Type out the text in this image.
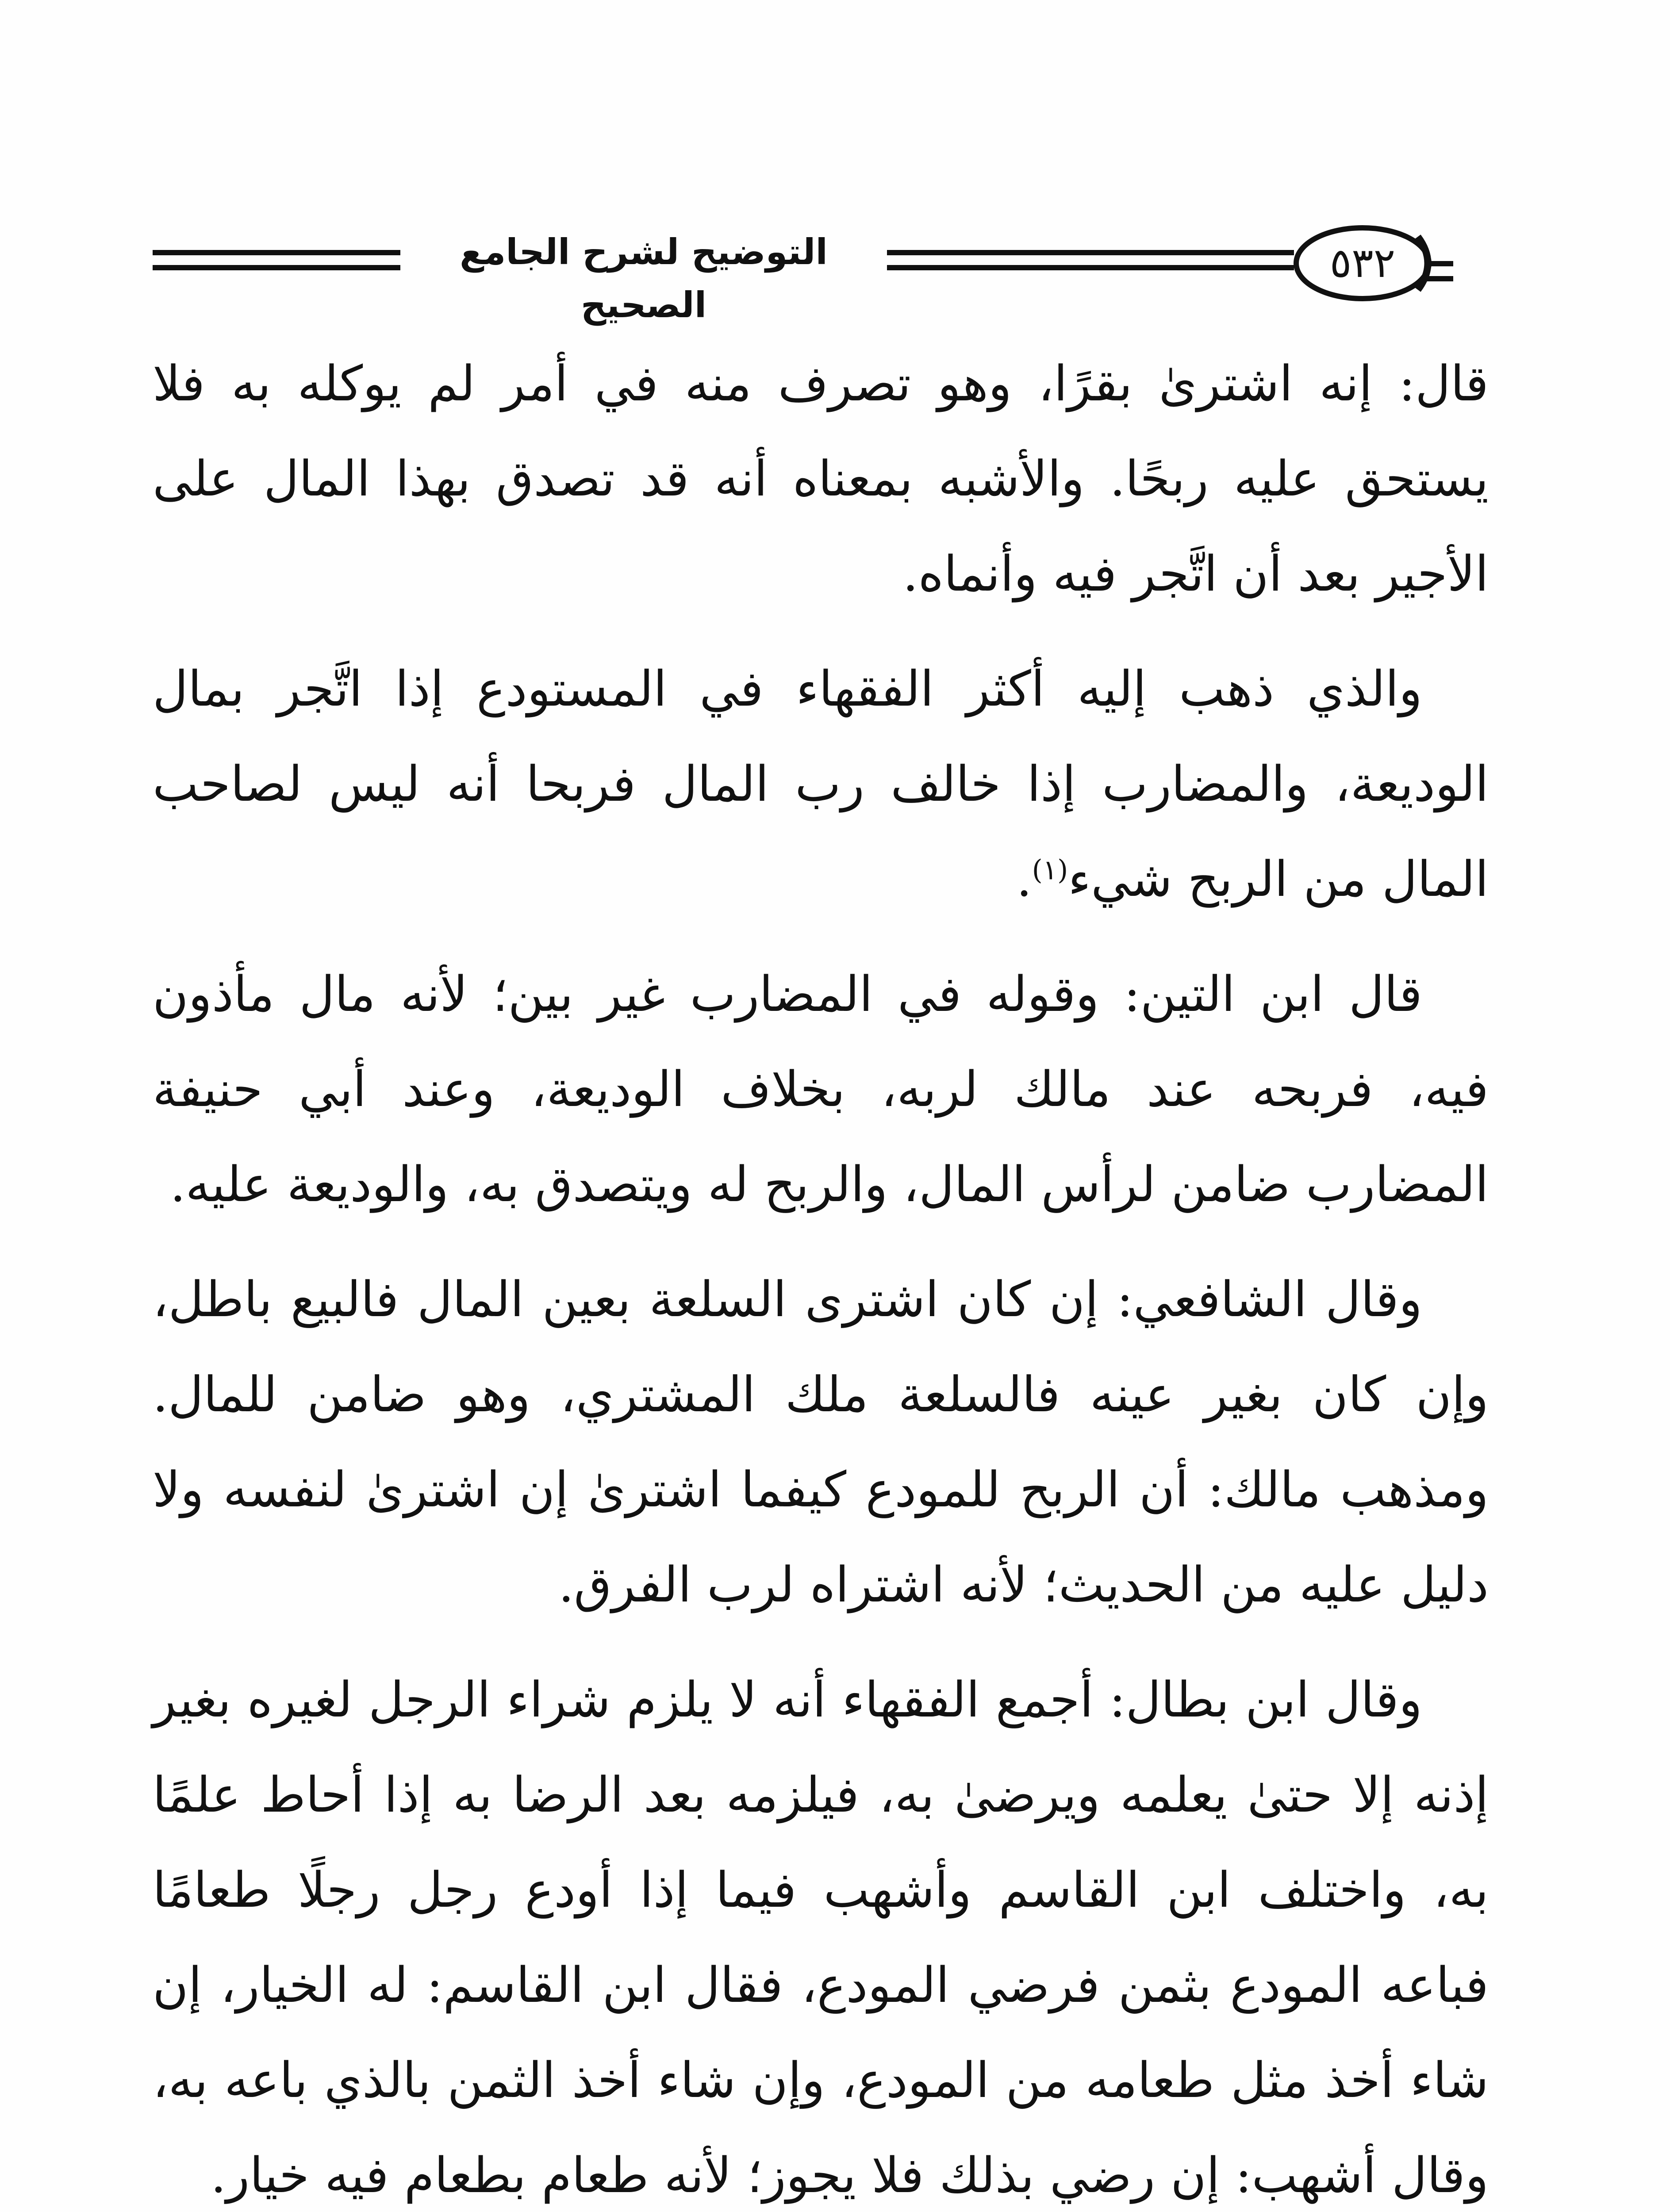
التوضيح لشرح الجامع الصحيح
٥٣٢

قال: إنه اشترىٰ بقرًا، وهو تصرف منه في أمر لم يوكله به فلا يستحق عليه ربحًا. والأشبه بمعناه أنه قد تصدق بهذا المال على الأجير بعد أن اتَّجر فيه وأنماه.

والذي ذهب إليه أكثر الفقهاء في المستودع إذا اتَّجر بمال الوديعة، والمضارب إذا خالف رب المال فربحا أنه ليس لصاحب المال من الربح شيء$^{(١)}$.

قال ابن التين: وقوله في المضارب غير بين؛ لأنه مال مأذون فيه، فربحه عند مالك لربه، بخلاف الوديعة، وعند أبي حنيفة المضارب ضامن لرأس المال، والربح له ويتصدق به، والوديعة عليه.

وقال الشافعي: إن كان اشترى السلعة بعين المال فالبيع باطل، وإن كان بغير عينه فالسلعة ملك المشتري، وهو ضامن للمال. ومذهب مالك: أن الربح للمودع كيفما اشترىٰ إن اشترىٰ لنفسه ولا دليل عليه من الحديث؛ لأنه اشتراه لرب الفرق.

وقال ابن بطال: أجمع الفقهاء أنه لا يلزم شراء الرجل لغيره بغير إذنه إلا حتىٰ يعلمه ويرضىٰ به، فيلزمه بعد الرضا به إذا أحاط علمًا به، واختلف ابن القاسم وأشهب فيما إذا أودع رجل رجلًا طعامًا فباعه المودع بثمن فرضي المودع، فقال ابن القاسم: له الخيار، إن شاء أخذ مثل طعامه من المودع، وإن شاء أخذ الثمن بالذي باعه به، وقال أشهب: إن رضي بذلك فلا يجوز؛ لأنه طعام بطعام فيه خيار.
